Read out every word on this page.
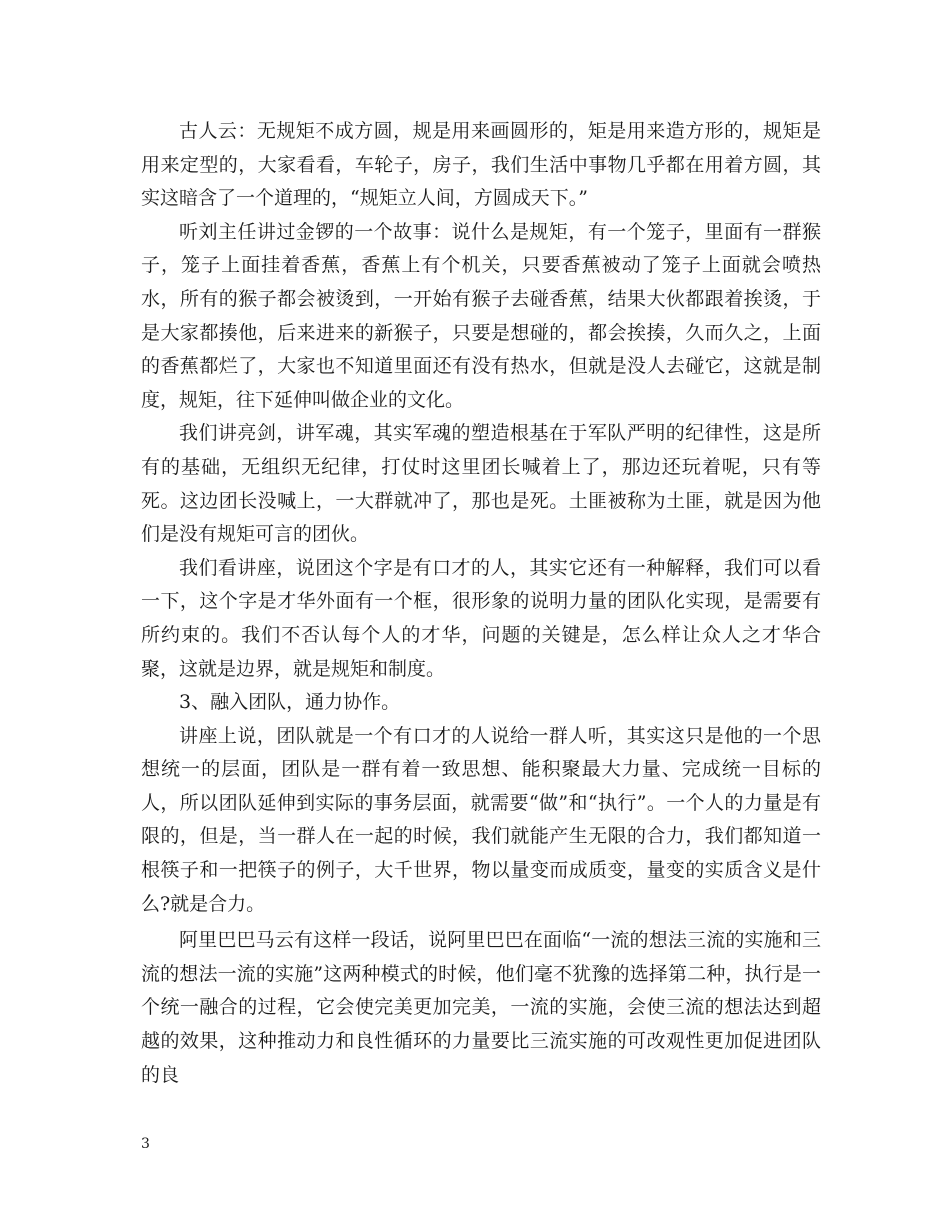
古人云：无规矩不成方圆，规是用来画圆形的，矩是用来造方形的，规矩是用来定型的，大家看看，车轮子，房子，我们生活中事物几乎都在用着方圆，其实这暗含了一个道理的，“规矩立人间，方圆成天下。”

听刘主任讲过金锣的一个故事：说什么是规矩，有一个笼子，里面有一群猴子，笼子上面挂着香蕉，香蕉上有个机关，只要香蕉被动了笼子上面就会喷热水，所有的猴子都会被烫到，一开始有猴子去碰香蕉，结果大伙都跟着挨烫，于是大家都揍他，后来进来的新猴子，只要是想碰的，都会挨揍，久而久之，上面的香蕉都烂了，大家也不知道里面还有没有热水，但就是没人去碰它，这就是制度，规矩，往下延伸叫做企业的文化。

我们讲亮剑，讲军魂，其实军魂的塑造根基在于军队严明的纪律性，这是所有的基础，无组织无纪律，打仗时这里团长喊着上了，那边还玩着呢，只有等死。这边团长没喊上，一大群就冲了，那也是死。土匪被称为土匪，就是因为他们是没有规矩可言的团伙。

我们看讲座，说团这个字是有口才的人，其实它还有一种解释，我们可以看一下，这个字是才华外面有一个框，很形象的说明力量的团队化实现，是需要有所约束的。我们不否认每个人的才华，问题的关键是，怎么样让众人之才华合聚，这就是边界，就是规矩和制度。

3、融入团队，通力协作。

讲座上说，团队就是一个有口才的人说给一群人听，其实这只是他的一个思想统一的层面，团队是一群有着一致思想、能积聚最大力量、完成统一目标的人，所以团队延伸到实际的事务层面，就需要“做”和“执行”。一个人的力量是有限的，但是，当一群人在一起的时候，我们就能产生无限的合力，我们都知道一根筷子和一把筷子的例子，大千世界，物以量变而成质变，量变的实质含义是什么?就是合力。

阿里巴巴马云有这样一段话，说阿里巴巴在面临“一流的想法三流的实施和三流的想法一流的实施”这两种模式的时候，他们毫不犹豫的选择第二种，执行是一个统一融合的过程，它会使完美更加完美，一流的实施，会使三流的想法达到超越的效果，这种推动力和良性循环的力量要比三流实施的可改观性更加促进团队的良

3
